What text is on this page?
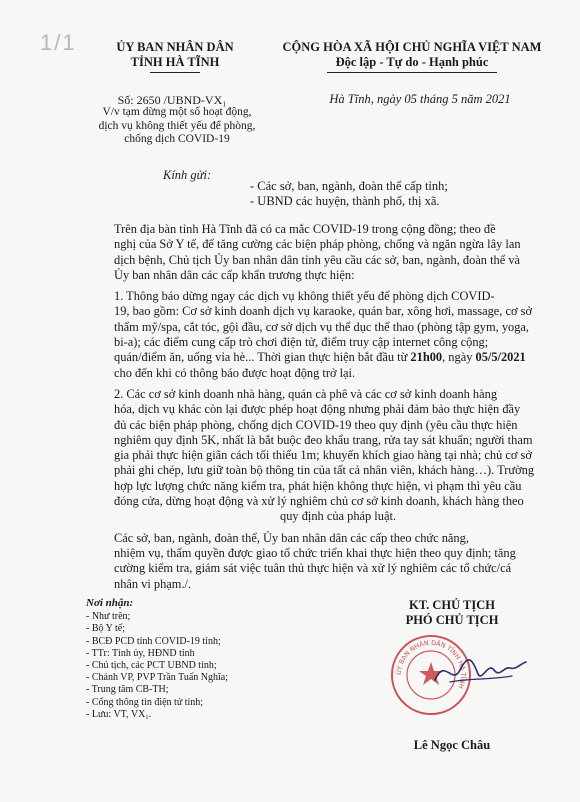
1/1	ỦY BAN NHÂN DÂN
TỈNH HÀ TĨNH
CỘNG HÒA XÃ HỘI CHỦ NGHĨA VIỆT NAM
Độc lập - Tự do - Hạnh phúc
Số: 2650 /UBND-VX₁
V/v tạm dừng một số hoạt động,
dịch vụ không thiết yếu để phòng,
chống dịch COVID-19
Hà Tĩnh, ngày 05 tháng 5 năm 2021
Kính gửi:
- Các sở, ban, ngành, đoàn thể cấp tỉnh;
- UBND các huyện, thành phố, thị xã.

Trên địa bàn tỉnh Hà Tĩnh đã có ca mắc COVID-19 trong cộng đồng; theo đề
nghị của Sở Y tế, để tăng cường các biện pháp phòng, chống và ngăn ngừa lây lan
dịch bệnh, Chủ tịch Ủy ban nhân dân tỉnh yêu cầu các sở, ban, ngành, đoàn thể và
Ủy ban nhân dân các cấp khẩn trương thực hiện:

1. Thông báo dừng ngay các dịch vụ không thiết yếu để phòng dịch COVID-
19, bao gồm: Cơ sở kinh doanh dịch vụ karaoke, quán bar, xông hơi, massage, cơ sở
thẩm mỹ/spa, cắt tóc, gội đầu, cơ sở dịch vụ thể dục thể thao (phòng tập gym, yoga,
bi-a); các điểm cung cấp trò chơi điện tử, điểm truy cập internet công cộng;
quán/điểm ăn, uống vỉa hè... Thời gian thực hiện bắt đầu từ 21h00, ngày 05/5/2021
cho đến khi có thông báo được hoạt động trở lại.

2. Các cơ sở kinh doanh nhà hàng, quán cà phê và các cơ sở kinh doanh hàng
hóa, dịch vụ khác còn lại được phép hoạt động nhưng phải đảm bảo thực hiện đầy
đủ các biện pháp phòng, chống dịch COVID-19 theo quy định (yêu cầu thực hiện
nghiêm quy định 5K, nhất là bắt buộc đeo khẩu trang, rửa tay sát khuẩn; người tham
gia phải thực hiện giãn cách tối thiểu 1m; khuyến khích giao hàng tại nhà; chủ cơ sở
phải ghi chép, lưu giữ toàn bộ thông tin của tất cả nhân viên, khách hàng…). Trường
hợp lực lượng chức năng kiểm tra, phát hiện không thực hiện, vi phạm thì yêu cầu
đóng cửa, dừng hoạt động và xử lý nghiêm chủ cơ sở kinh doanh, khách hàng theo
quy định của pháp luật.

Các sở, ban, ngành, đoàn thể, Ủy ban nhân dân các cấp theo chức năng,
nhiệm vụ, thẩm quyền được giao tổ chức triển khai thực hiện theo quy định; tăng
cường kiểm tra, giám sát việc tuân thủ thực hiện và xử lý nghiêm các tổ chức/cá
nhân vi phạm./.

Nơi nhận:
- Như trên;
- Bộ Y tế;
- BCĐ PCD tỉnh COVID-19 tỉnh;
- TTr: Tỉnh ủy, HĐND tỉnh
- Chủ tịch, các PCT UBND tỉnh;
- Chánh VP, PVP Trần Tuấn Nghĩa;
- Trung tâm CB-TH;
- Cổng thông tin điện tử tỉnh;
- Lưu: VT, VX₁.
KT. CHỦ TỊCH
PHÓ CHỦ TỊCH
ỦY BAN NHÂN DÂN TỈNH HÀ TĨNH
Lê Ngọc Châu
